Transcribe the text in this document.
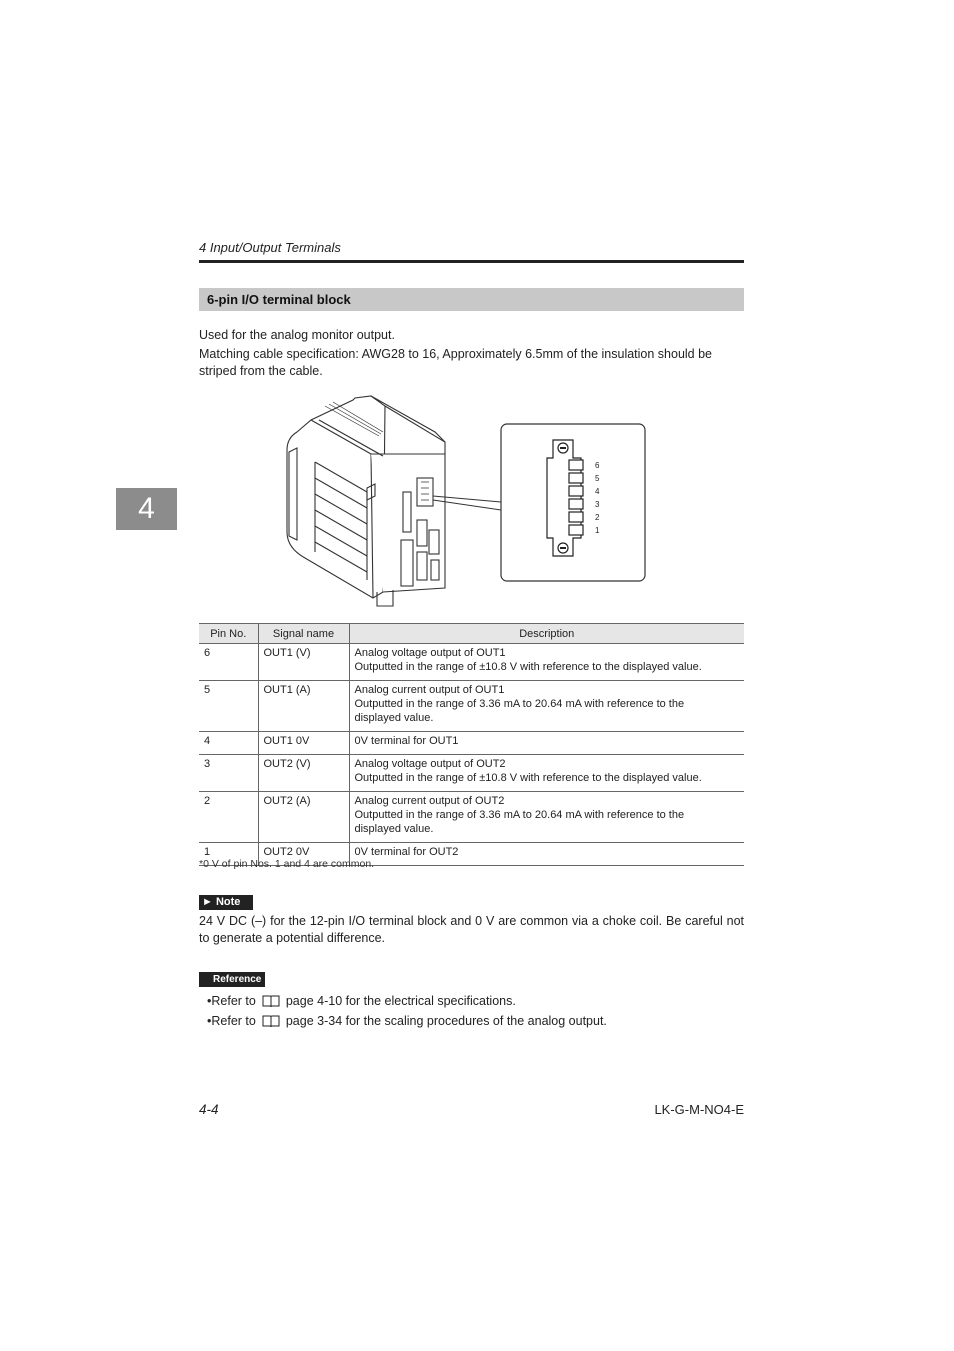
4 Input/Output Terminals
6-pin I/O terminal block
Used for the analog monitor output.
Matching cable specification: AWG28 to 16, Approximately 6.5mm of the insulation should be
striped from the cable.
4
6
5
4
3
2
1
Pin No.	Signal name	Description
6	OUT1 (V)	Analog voltage output of OUT1
Outputted in the range of ±10.8 V with reference to the displayed value.

5	OUT1 (A)	Analog current output of OUT1
Outputted in the range of 3.36 mA to 20.64 mA with reference to the
displayed value.

4	OUT1 0V	0V terminal for OUT1

3	OUT2 (V)	Analog voltage output of OUT2
Outputted in the range of ±10.8 V with reference to the displayed value.

2	OUT2 (A)	Analog current output of OUT2
Outputted in the range of 3.36 mA to 20.64 mA with reference to the
displayed value.

1	OUT2 0V	0V terminal for OUT2
*0 V of pin Nos. 1 and 4 are common.
► Note
24 V DC (–) for the 12-pin I/O terminal block and 0 V are common via a choke coil. Be careful not to generate a potential difference.
Reference
•Refer to page 4-10 for the electrical specifications.
•Refer to page 3-34 for the scaling procedures of the analog output.
4-4	LK-G-M-NO4-E
